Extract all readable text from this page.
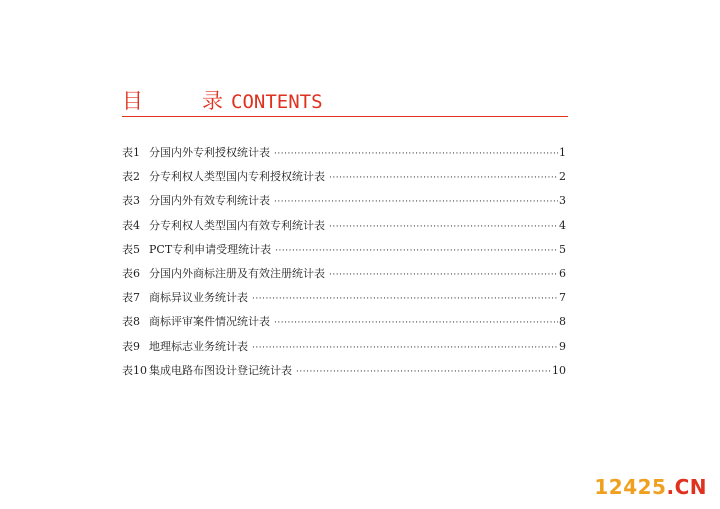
目	录 CONTENTS
表1 分国内外专利授权统计表 ·····	1
表2 分专利权人类型国内专利授权统计表 ·····	2
表3 分国内外有效专利统计表 ·····	3
表4 分专利权人类型国内有效专利统计表 ·····	4
表5 PCT专利申请受理统计表 ·····	5
表6 分国内外商标注册及有效注册统计表 ·····	6
表7 商标异议业务统计表 ·····	7
表8 商标评审案件情况统计表 ·····	8
表9 地理标志业务统计表 ·····	9
表10 集成电路布图设计登记统计表 ·····	10
12425.CN
